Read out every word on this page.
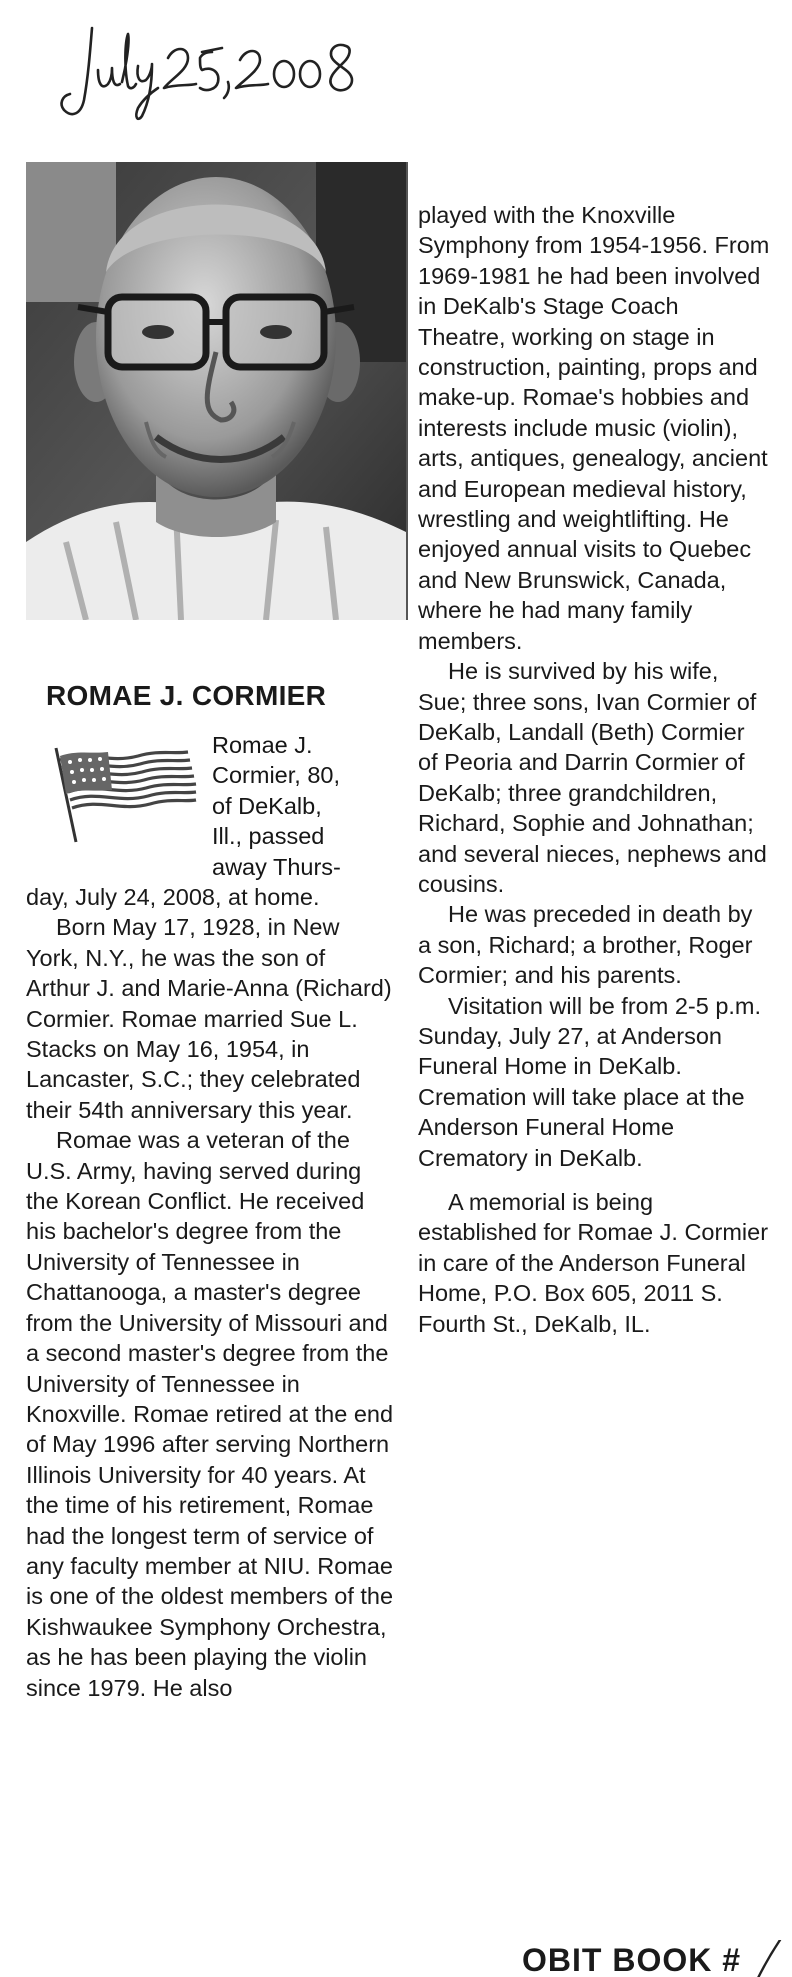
ROMAE J. CORMIER
Romae J.
Cormier, 80,
of DeKalb,
Ill., passed
away Thurs-

day, July 24, 2008, at home.

Born May 17, 1928, in New York, N.Y., he was the son of Arthur J. and Marie-Anna (Richard) Cormier. Romae married Sue L. Stacks on May 16, 1954, in Lancaster, S.C.; they celebrated their 54th anniversary this year.

Romae was a veteran of the U.S. Army, having served during the Korean Conflict. He received his bachelor's degree from the University of Tennessee in Chattanooga, a master's degree from the University of Missouri and a second master's degree from the University of Tennessee in Knoxville. Romae retired at the end of May 1996 after serving Northern Illinois University for 40 years. At the time of his retirement, Romae had the longest term of service of any faculty member at NIU. Romae is one of the oldest members of the Kishwaukee Symphony Orchestra, as he has been playing the violin since 1979. He also

played with the Knoxville Symphony from 1954-1956. From 1969-1981 he had been involved in DeKalb's Stage Coach Theatre, working on stage in construction, painting, props and make-up. Romae's hobbies and interests include music (violin), arts, antiques, genealogy, ancient and European medieval history, wrestling and weightlifting. He enjoyed annual visits to Quebec and New Brunswick, Canada, where he had many family members.

He is survived by his wife, Sue; three sons, Ivan Cormier of DeKalb, Landall (Beth) Cormier of Peoria and Darrin Cormier of DeKalb; three grandchildren, Richard, Sophie and Johnathan; and several nieces, nephews and cousins.

He was preceded in death by a son, Richard; a brother, Roger Cormier; and his parents.

Visitation will be from 2-5 p.m. Sunday, July 27, at Anderson Funeral Home in DeKalb. Cremation will take place at the Anderson Funeral Home Crematory in DeKalb.

A memorial is being established for Romae J. Cormier in care of the Anderson Funeral Home, P.O. Box 605, 2011 S. Fourth St., DeKalb, IL.

OBIT BOOK #
